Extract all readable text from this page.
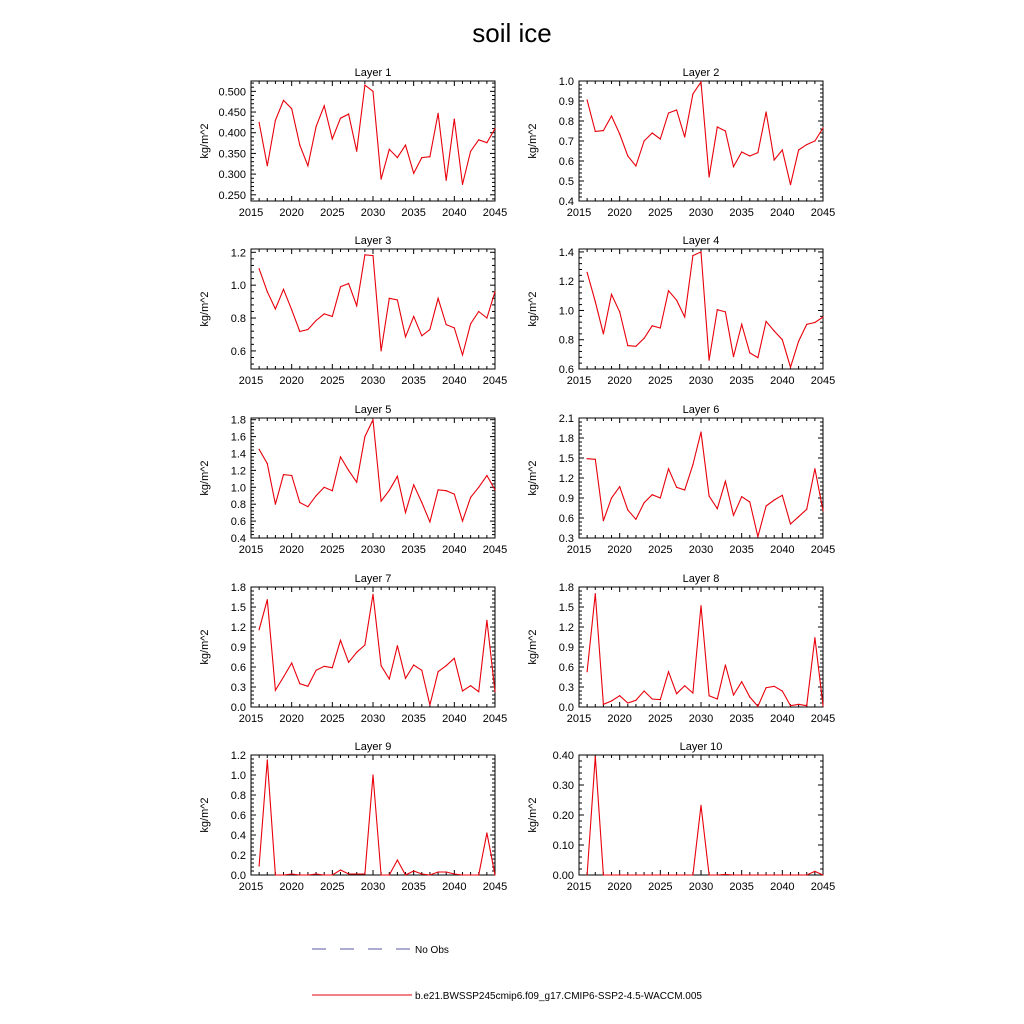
soil ice
Layer 1
kg/m^2
2015 2020 2025 2030 2035 2040 2045
0.250
0.300
0.350
0.400
0.450
0.500
Layer 2
kg/m^2
2015 2020 2025 2030 2035 2040 2045
0.4
0.5
0.6
0.7
0.8
0.9
1.0
Layer 3
kg/m^2
2015 2020 2025 2030 2035 2040 2045
0.6
0.8
1.0
1.2
Layer 4
kg/m^2
2015 2020 2025 2030 2035 2040 2045
0.6
0.8
1.0
1.2
1.4
Layer 5
kg/m^2
2015 2020 2025 2030 2035 2040 2045
0.4
0.6
0.8
1.0
1.2
1.4
1.6
1.8
Layer 6
kg/m^2
2015 2020 2025 2030 2035 2040 2045
0.3
0.6
0.9
1.2
1.5
1.8
2.1
Layer 7
kg/m^2
2015 2020 2025 2030 2035 2040 2045
0.0
0.3
0.6
0.9
1.2
1.5
1.8
Layer 8
kg/m^2
2015 2020 2025 2030 2035 2040 2045
0.0
0.3
0.6
0.9
1.2
1.5
1.8
Layer 9
kg/m^2
2015 2020 2025 2030 2035 2040 2045
0.0
0.2
0.4
0.6
0.8
1.0
1.2
Layer 10
kg/m^2
2015 2020 2025 2030 2035 2040 2045
0.00
0.10
0.20
0.30
0.40
No Obs
b.e21.BWSSP245cmip6.f09_g17.CMIP6-SSP2-4.5-WACCM.005
